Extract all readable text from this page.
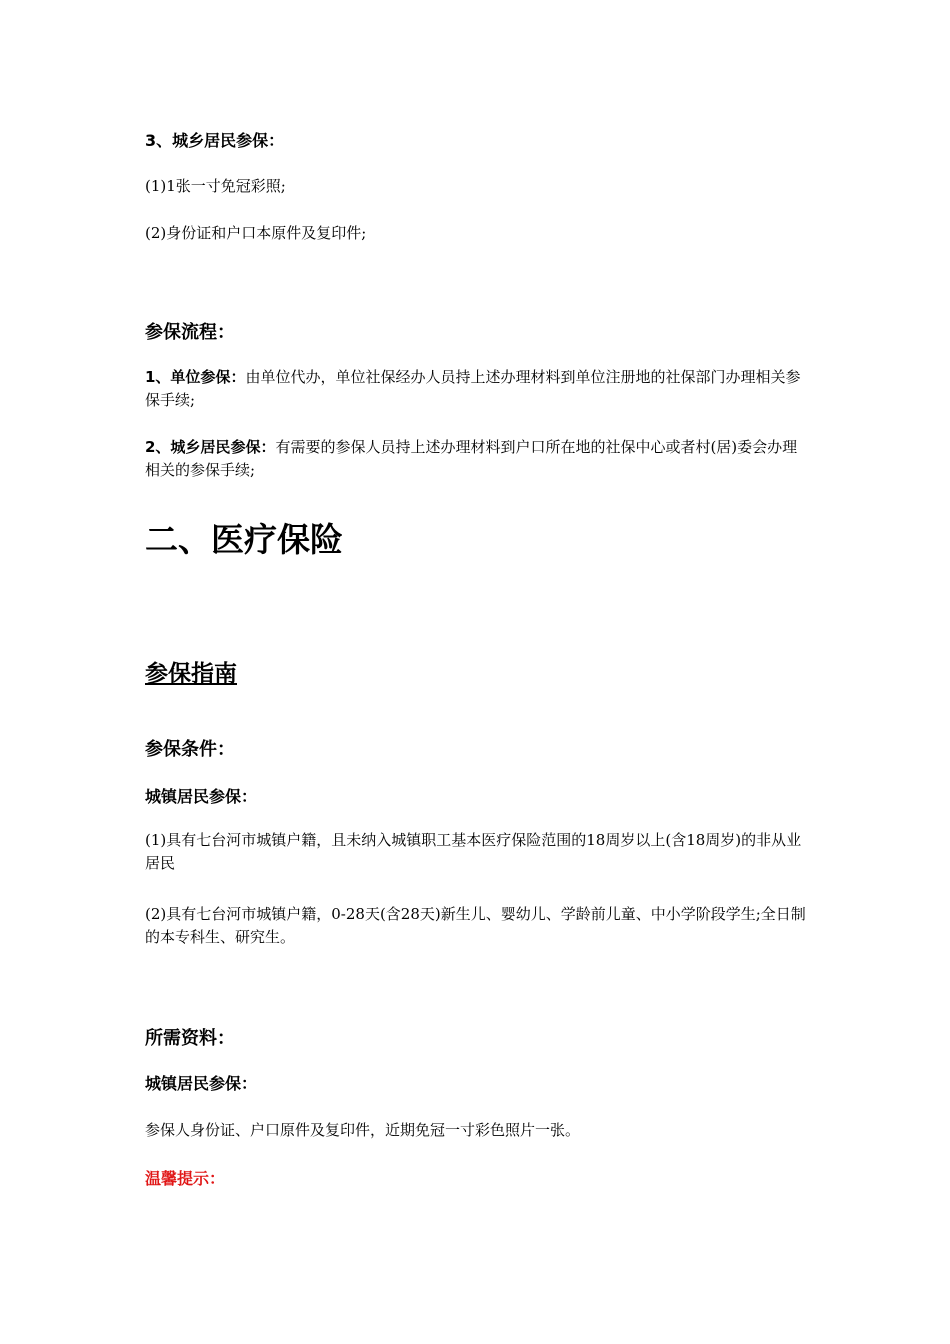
3、城乡居民参保：
(1)1张一寸免冠彩照;
(2)身份证和户口本原件及复印件;
参保流程：
1、单位参保：由单位代办，单位社保经办人员持上述办理材料到单位注册地的社保部门办理相关参保手续;
2、城乡居民参保：有需要的参保人员持上述办理材料到户口所在地的社保中心或者村(居)委会办理相关的参保手续;
二、医疗保险
参保指南
参保条件：
城镇居民参保：
(1)具有七台河市城镇户籍，且未纳入城镇职工基本医疗保险范围的18周岁以上(含18周岁)的非从业居民
(2)具有七台河市城镇户籍，0-28天(含28天)新生儿、婴幼儿、学龄前儿童、中小学阶段学生;全日制的本专科生、研究生。
所需资料：
城镇居民参保：
参保人身份证、户口原件及复印件，近期免冠一寸彩色照片一张。
温馨提示：
